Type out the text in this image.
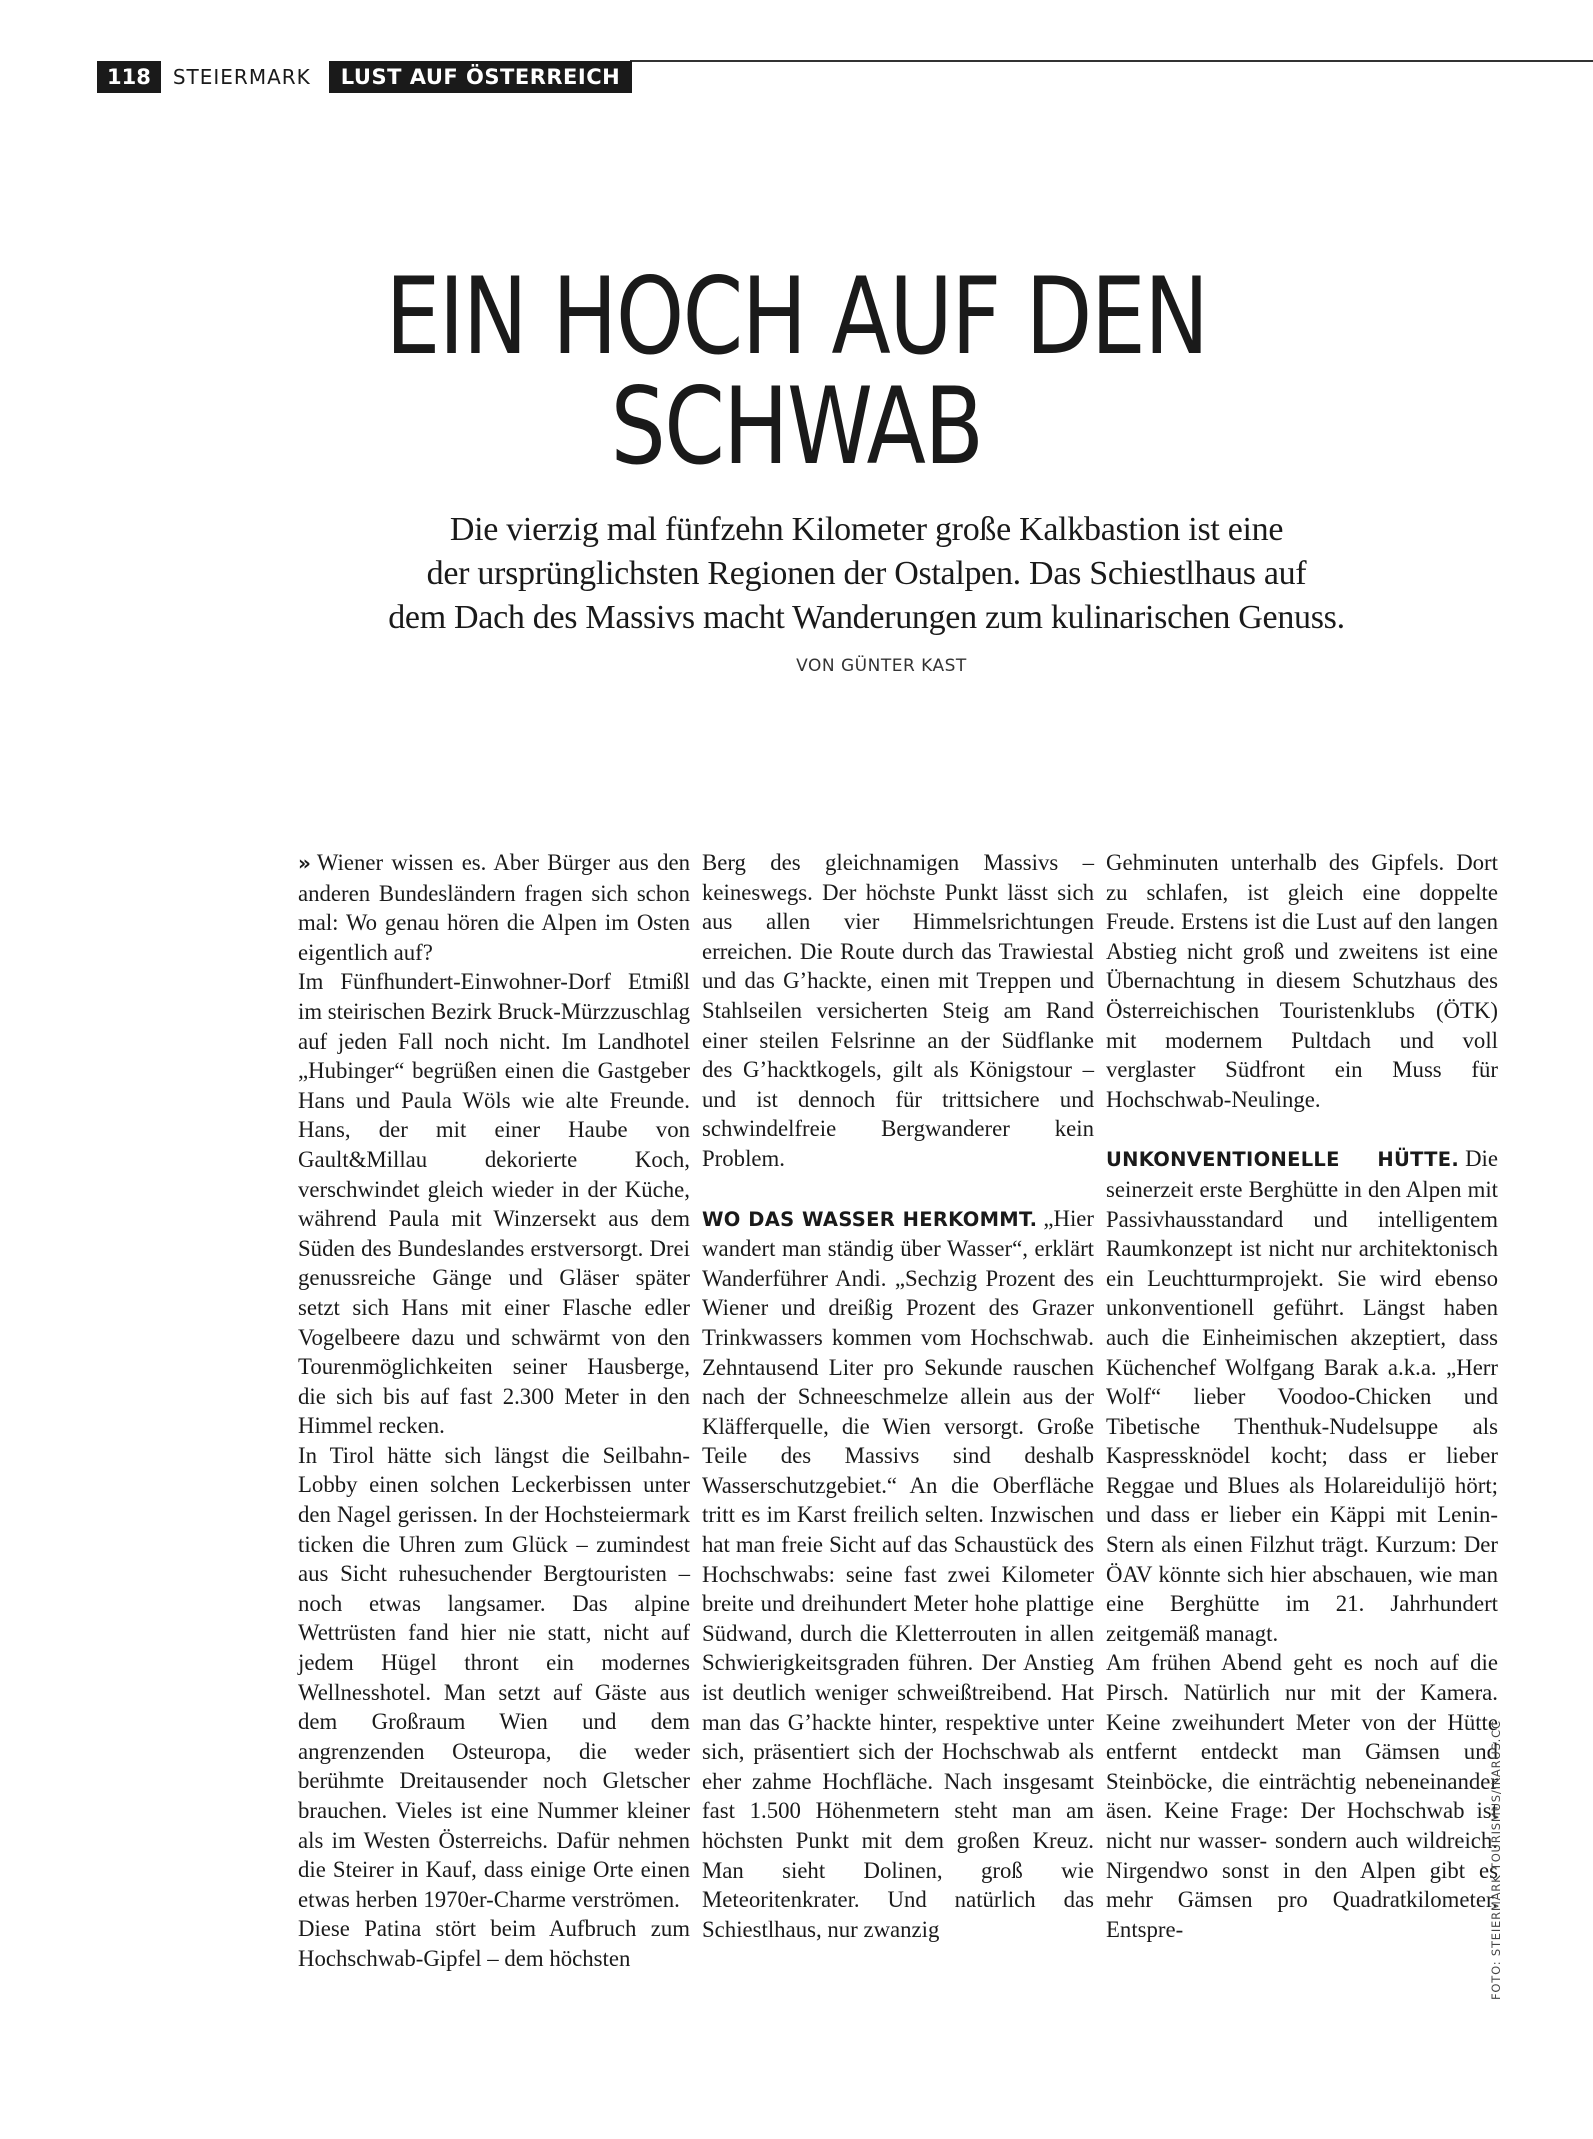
118	STEIERMARK	LUST AUF ÖSTERREICH
EIN HOCH AUF DEN
SCHWAB
Die vierzig mal fünfzehn Kilometer große Kalkbastion ist eine
der ursprünglichsten Regionen der Ostalpen. Das Schiestlhaus auf
dem Dach des Massivs macht Wanderungen zum kulinarischen Genuss.
VON GÜNTER KAST

» Wiener wissen es. Aber Bürger aus den anderen Bundesländern fragen sich schon mal: Wo genau hören die Alpen im Osten eigentlich auf?

Im Fünfhundert-Einwohner-Dorf Etmißl im steirischen Bezirk Bruck-Mürzzuschlag auf jeden Fall noch nicht. Im Landhotel „Hubinger“ begrüßen einen die Gastgeber Hans und Paula Wöls wie alte Freunde. Hans, der mit einer Haube von Gault&Millau dekorierte Koch, verschwindet gleich wieder in der Küche, während Paula mit Winzersekt aus dem Süden des Bundeslandes erstversorgt. Drei genussreiche Gänge und Gläser später setzt sich Hans mit einer Flasche edler Vogelbeere dazu und schwärmt von den Tourenmöglichkeiten seiner Hausberge, die sich bis auf fast 2.300 Meter in den Himmel recken.

In Tirol hätte sich längst die Seilbahn-Lobby einen solchen Leckerbissen unter den Nagel gerissen. In der Hochsteiermark ticken die Uhren zum Glück – zumindest aus Sicht ruhesuchender Bergtouristen – noch etwas langsamer. Das alpine Wettrüsten fand hier nie statt, nicht auf jedem Hügel thront ein modernes Wellnesshotel. Man setzt auf Gäste aus dem Großraum Wien und dem angrenzenden Osteuropa, die weder berühmte Dreitausender noch Gletscher brauchen. Vieles ist eine Nummer kleiner als im Westen Österreichs. Dafür nehmen die Steirer in Kauf, dass einige Orte einen etwas herben 1970er-Charme verströmen.

Diese Patina stört beim Aufbruch zum Hochschwab-Gipfel – dem höchsten

Berg des gleichnamigen Massivs – keineswegs. Der höchste Punkt lässt sich aus allen vier Himmelsrichtungen erreichen. Die Route durch das Trawiestal und das G’hackte, einen mit Treppen und Stahlseilen versicherten Steig am Rand einer steilen Felsrinne an der Südflanke des G’hacktkogels, gilt als Königstour – und ist dennoch für trittsichere und schwindelfreie Bergwanderer kein Problem.

WO DAS WASSER HERKOMMT. „Hier wandert man ständig über Wasser“, erklärt Wanderführer Andi. „Sechzig Prozent des Wiener und dreißig Prozent des Grazer Trinkwassers kommen vom Hochschwab. Zehntausend Liter pro Sekunde rauschen nach der Schneeschmelze allein aus der Kläfferquelle, die Wien versorgt. Große Teile des Massivs sind deshalb Wasserschutzgebiet.“ An die Oberfläche tritt es im Karst freilich selten. Inzwischen hat man freie Sicht auf das Schaustück des Hochschwabs: seine fast zwei Kilometer breite und dreihundert Meter hohe plattige Südwand, durch die Kletterrouten in allen Schwierigkeitsgraden führen. Der Anstieg ist deutlich weniger schweißtreibend. Hat man das G’hackte hinter, respektive unter sich, präsentiert sich der Hochschwab als eher zahme Hochfläche. Nach insgesamt fast 1.500 Höhenmetern steht man am höchsten Punkt mit dem großen Kreuz. Man sieht Dolinen, groß wie Meteoritenkrater. Und natürlich das Schiestlhaus, nur zwanzig

Gehminuten unterhalb des Gipfels. Dort zu schlafen, ist gleich eine doppelte Freude. Erstens ist die Lust auf den langen Abstieg nicht groß und zweitens ist eine Übernachtung in diesem Schutzhaus des Österreichischen Touristenklubs (ÖTK) mit modernem Pultdach und voll verglaster Südfront ein Muss für Hochschwab-Neulinge.

UNKONVENTIONELLE HÜTTE. Die seinerzeit erste Berghütte in den Alpen mit Passivhausstandard und intelligentem Raumkonzept ist nicht nur architektonisch ein Leuchtturmprojekt. Sie wird ebenso unkonventionell geführt. Längst haben auch die Einheimischen akzeptiert, dass Küchenchef Wolfgang Barak a.k.a. „Herr Wolf“ lieber Voodoo-Chicken und Tibetische Thenthuk-Nudelsuppe als Kaspressknödel kocht; dass er lieber Reggae und Blues als Holareidulijö hört; und dass er lieber ein Käppi mit Lenin-Stern als einen Filzhut trägt. Kurzum: Der ÖAV könnte sich hier abschauen, wie man eine Berghütte im 21. Jahrhundert zeitgemäß managt.

Am frühen Abend geht es noch auf die Pirsch. Natürlich nur mit der Kamera. Keine zweihundert Meter von der Hütte entfernt entdeckt man Gämsen und Steinböcke, die einträchtig nebeneinander äsen. Keine Frage: Der Hochschwab ist nicht nur wasser- sondern auch wildreich. Nirgendwo sonst in den Alpen gibt es mehr Gämsen pro Quadratkilometer. Entspre-	FOTO: STEIERMARK TOURISMUS/IKARUS.CC
